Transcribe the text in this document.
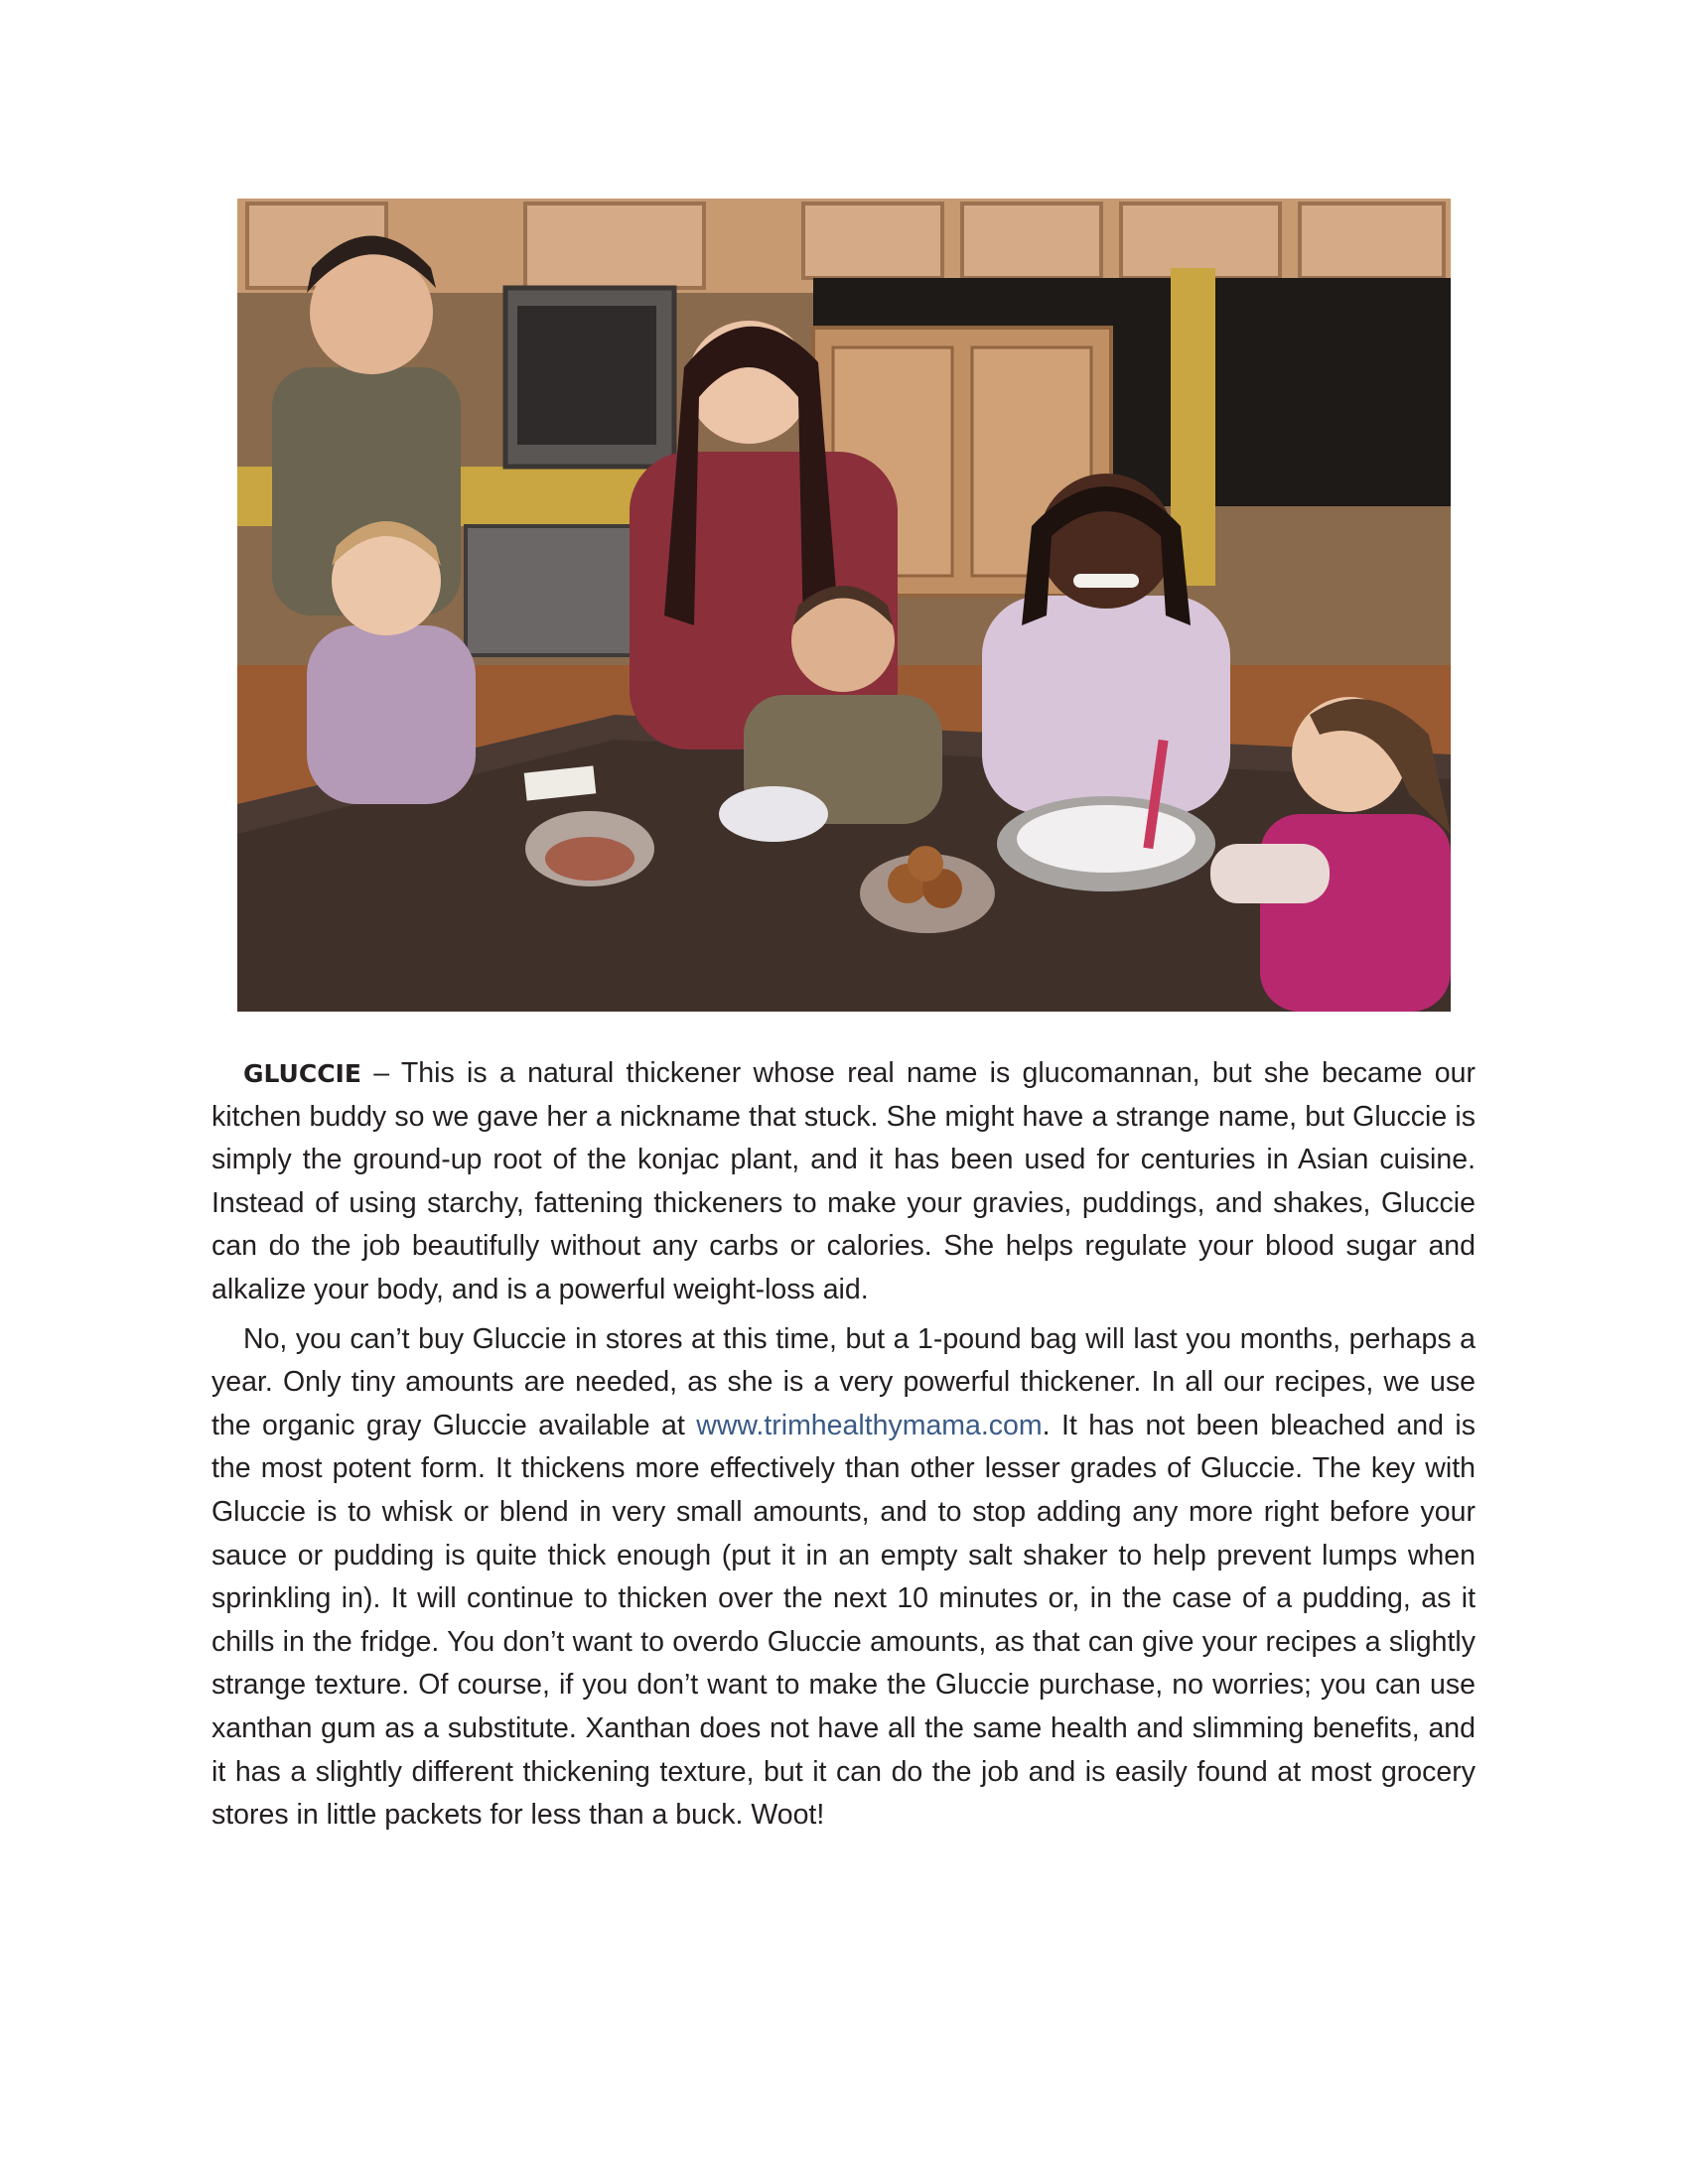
GLUCCIE – This is a natural thickener whose real name is glucomannan, but she became our kitchen buddy so we gave her a nickname that stuck. She might have a strange name, but Gluccie is simply the ground-up root of the konjac plant, and it has been used for centuries in Asian cuisine. Instead of using starchy, fattening thickeners to make your gravies, puddings, and shakes, Gluccie can do the job beautifully without any carbs or calories. She helps regulate your blood sugar and alkalize your body, and is a powerful weight-loss aid.

No, you can’t buy Gluccie in stores at this time, but a 1-pound bag will last you months, perhaps a year. Only tiny amounts are needed, as she is a very powerful thickener. In all our recipes, we use the organic gray Gluccie available at www.trimhealthymama.com. It has not been bleached and is the most potent form. It thickens more effectively than other lesser grades of Gluccie. The key with Gluccie is to whisk or blend in very small amounts, and to stop adding any more right before your sauce or pudding is quite thick enough (put it in an empty salt shaker to help prevent lumps when sprinkling in). It will continue to thicken over the next 10 minutes or, in the case of a pudding, as it chills in the fridge. You don’t want to overdo Gluccie amounts, as that can give your recipes a slightly strange texture. Of course, if you don’t want to make the Gluccie purchase, no worries; you can use xanthan gum as a substitute. Xanthan does not have all the same health and slimming benefits, and it has a slightly different thickening texture, but it can do the job and is easily found at most grocery stores in little packets for less than a buck. Woot!
